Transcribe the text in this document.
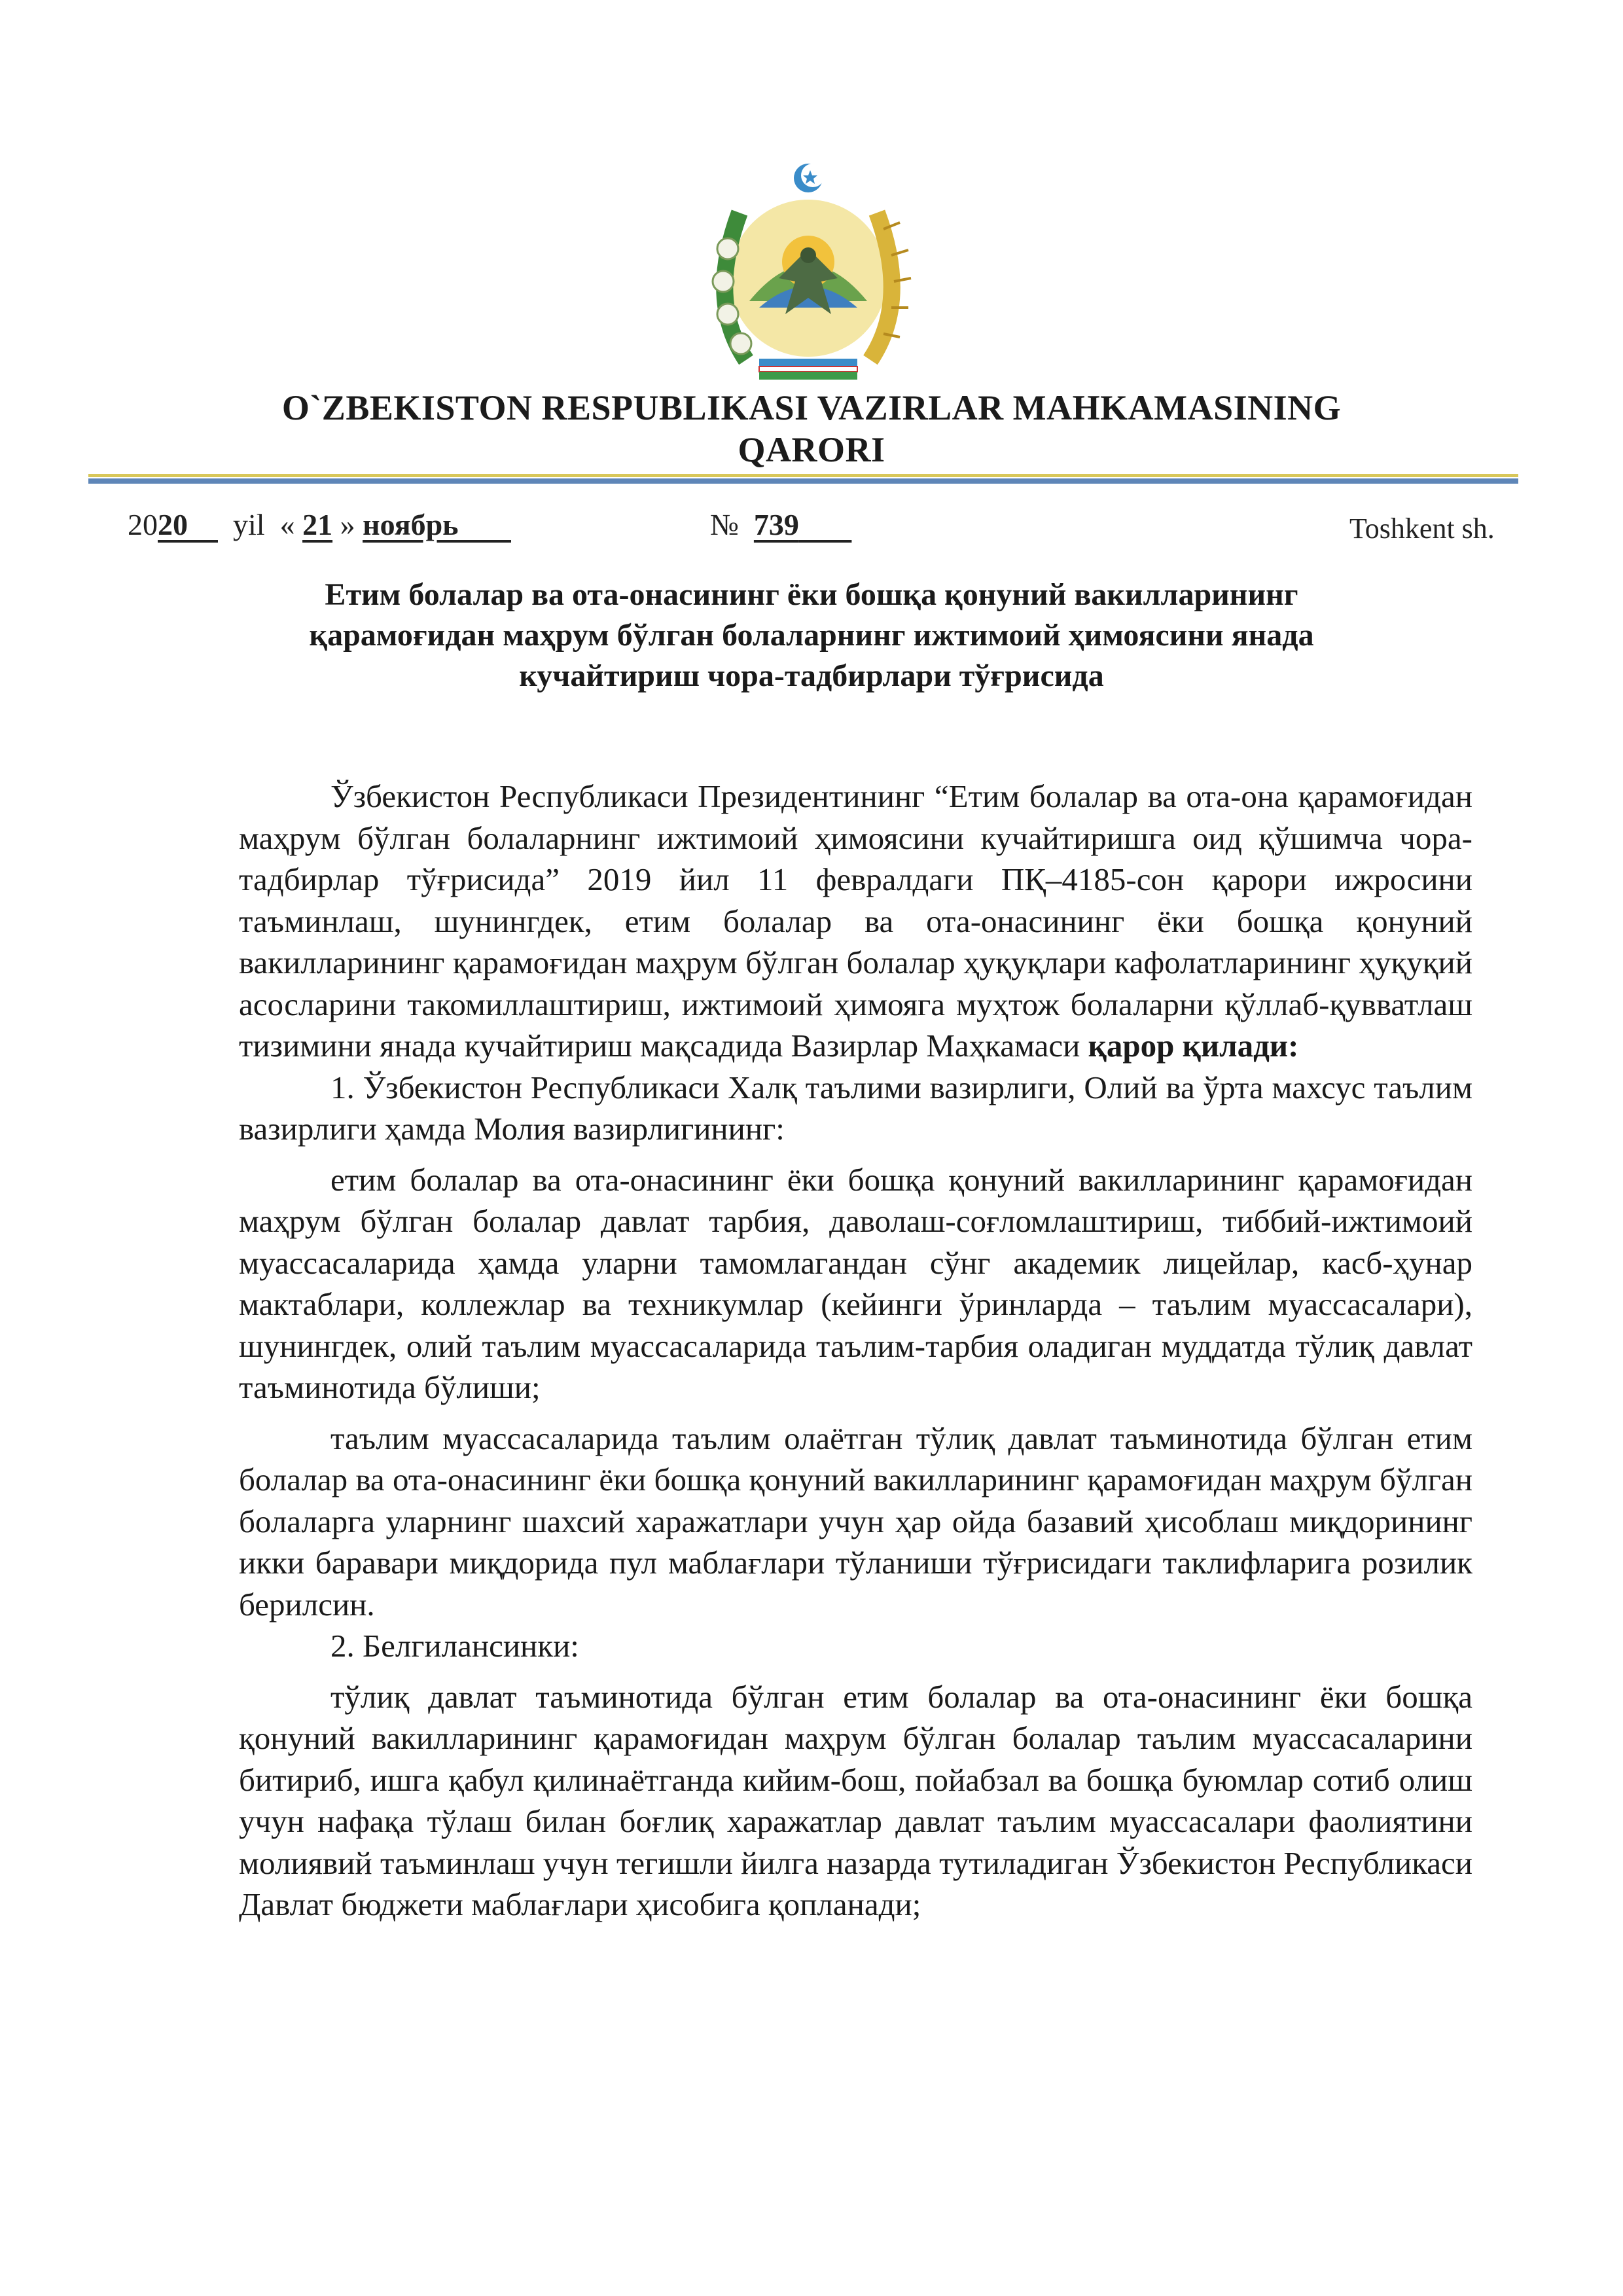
O`ZBEKISTON RESPUBLIKASI VAZIRLAR MAHKAMASINING
QARORI
2020 yil « 21 » ноябрь	№ 739	Toshkent sh.
Етим болалар ва ота-онасининг ёки бошқа қонуний вакилларининг
қарамоғидан маҳрум бўлган болаларнинг ижтимоий ҳимоясини янада
кучайтириш чора-тадбирлари тўғрисида

Ўзбекистон Республикаси Президентининг “Етим болалар ва ота-она қарамоғидан маҳрум бўлган болаларнинг ижтимоий ҳимоясини кучайтиришга оид қўшимча чора-тадбирлар тўғрисида” 2019 йил 11 февралдаги ПҚ–4185-сон қарори ижросини таъминлаш, шунингдек, етим болалар ва ота-онасининг ёки бошқа қонуний вакилларининг қарамоғидан маҳрум бўлган болалар ҳуқуқлари кафолатларининг ҳуқуқий асосларини такомиллаштириш, ижтимоий ҳимояга муҳтож болаларни қўллаб-қувватлаш тизимини янада кучайтириш мақсадида Вазирлар Маҳкамаси қарор қилади:

1. Ўзбекистон Республикаси Халқ таълими вазирлиги, Олий ва ўрта махсус таълим вазирлиги ҳамда Молия вазирлигининг:

етим болалар ва ота-онасининг ёки бошқа қонуний вакилларининг қарамоғидан маҳрум бўлган болалар давлат тарбия, даволаш-соғломлаштириш, тиббий-ижтимоий муассасаларида ҳамда уларни тамомлагандан сўнг академик лицейлар, касб-ҳунар мактаблари, коллежлар ва техникумлар (кейинги ўринларда – таълим муассасалари), шунингдек, олий таълим муассасаларида таълим-тарбия оладиган муддатда тўлиқ давлат таъминотида бўлиши;

таълим муассасаларида таълим олаётган тўлиқ давлат таъминотида бўлган етим болалар ва ота-онасининг ёки бошқа қонуний вакилларининг қарамоғидан маҳрум бўлган болаларга уларнинг шахсий харажатлари учун ҳар ойда базавий ҳисоблаш миқдорининг икки баравари миқдорида пул маблағлари тўланиши тўғрисидаги таклифларига розилик берилсин.

2. Белгилансинки:

тўлиқ давлат таъминотида бўлган етим болалар ва ота-онасининг ёки бошқа қонуний вакилларининг қарамоғидан маҳрум бўлган болалар таълим муассасаларини битириб, ишга қабул қилинаётганда кийим-бош, пойабзал ва бошқа буюмлар сотиб олиш учун нафақа тўлаш билан боғлиқ харажатлар давлат таълим муассасалари фаолиятини молиявий таъминлаш учун тегишли йилга назарда тутиладиган Ўзбекистон Республикаси Давлат бюджети маблағлари ҳисобига қопланади;
